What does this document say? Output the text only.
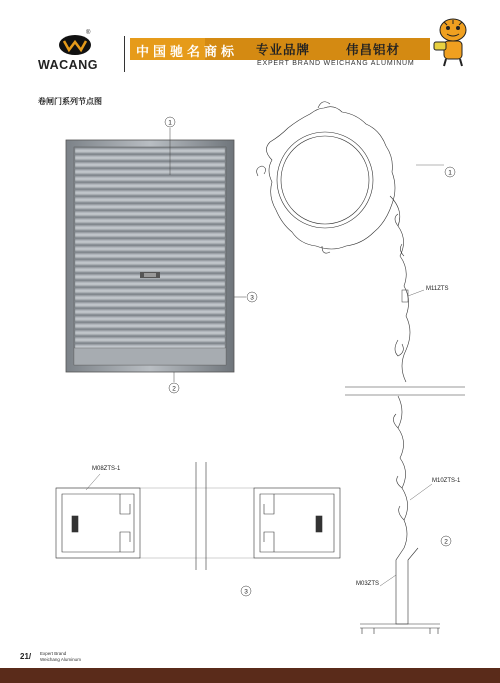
®
WACANG
中国驰名商标 专业品牌	伟昌铝材
EXPERT BRAND WEICHANG ALUMINUM
卷闸门系列节点图
1
2
3
1
M11ZTS
M10ZTS-1
2
M03ZTS
M08ZTS-1
3
21/ Expert Brand
Weichang Aluminum
